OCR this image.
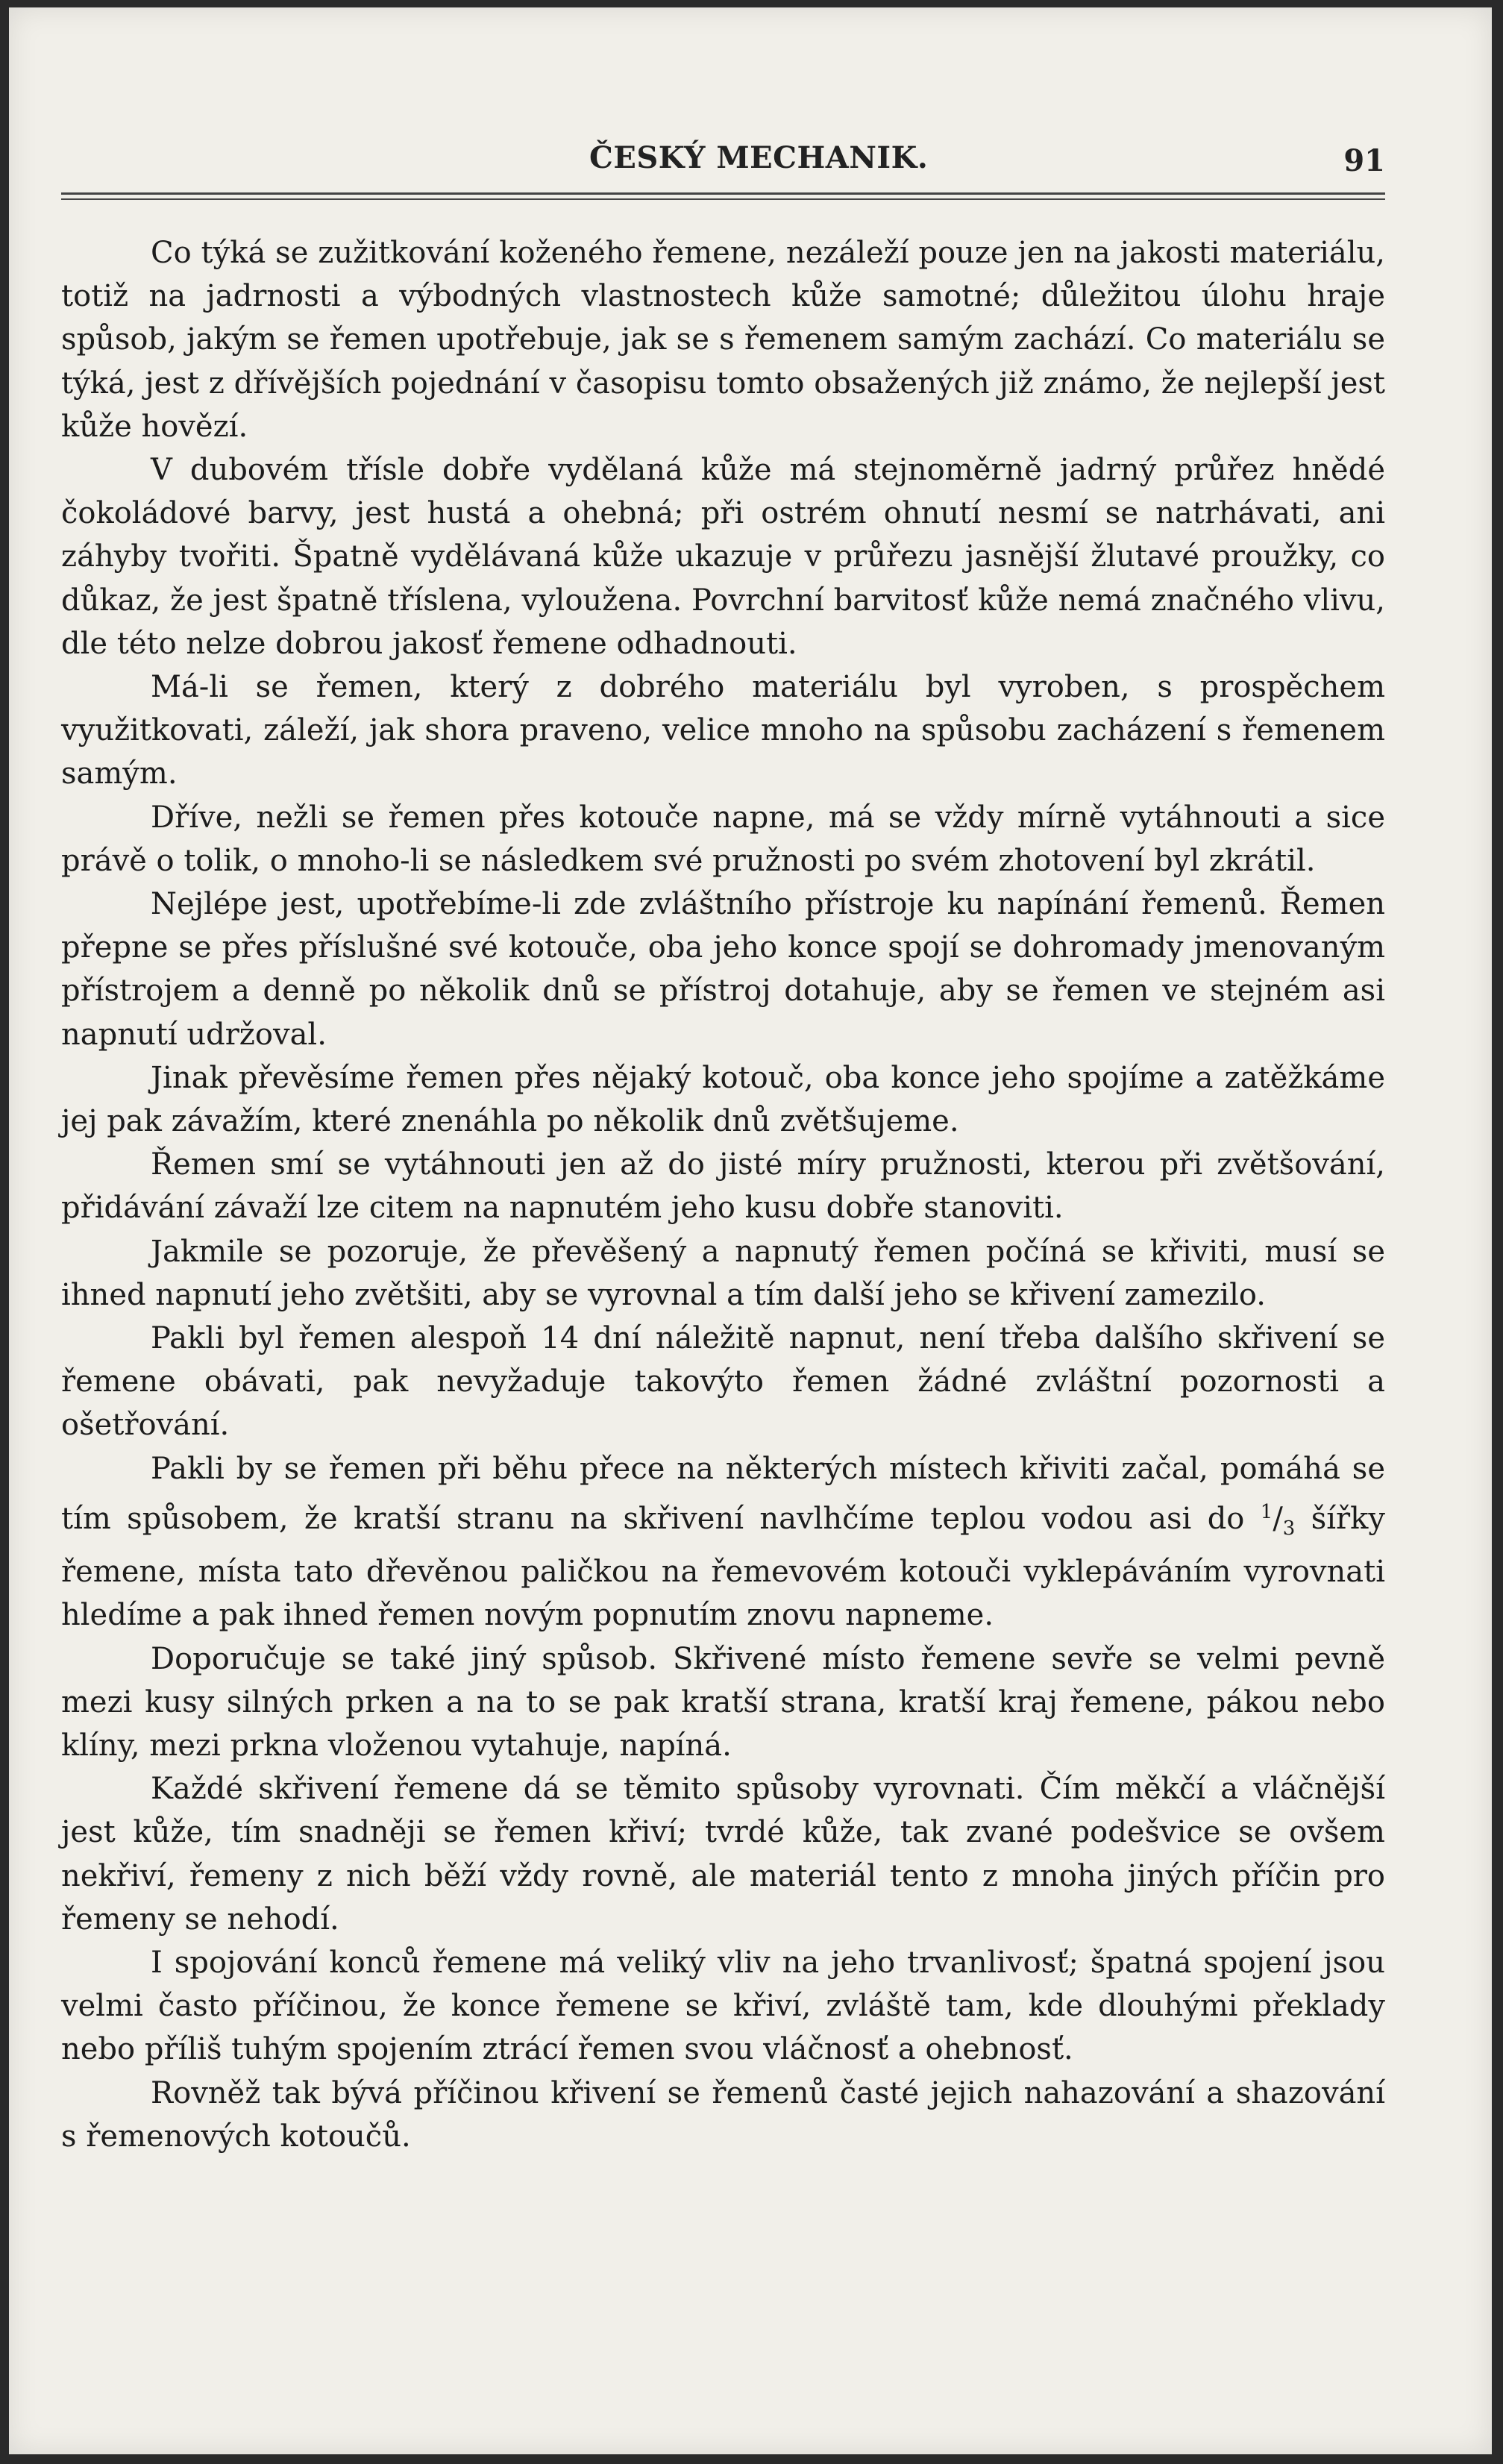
ČESKÝ MECHANIK.	91

Co týká se zužitkování koženého řemene, nezáleží pouze jen na jakosti materiálu, totiž na jadrnosti a výbodných vlastnostech kůže samotné; důležitou úlohu hraje spůsob, jakým se řemen upotřebuje, jak se s řemenem samým zachází. Co materiálu se týká, jest z dřívějších pojednání v časopisu tomto obsažených již známo, že nejlepší jest kůže hovězí.

V dubovém třísle dobře vydělaná kůže má stejnoměrně jadrný průřez hnědé čokoládové barvy, jest hustá a ohebná; při ostrém ohnutí nesmí se natrhávati, ani záhyby tvořiti. Špatně vydělávaná kůže ukazuje v průřezu jasnější žlutavé proužky, co důkaz, že jest špatně tříslena, vyloužena. Povrchní barvitosť kůže nemá značného vlivu, dle této nelze dobrou jakosť řemene odhadnouti.

Má-li se řemen, který z dobrého materiálu byl vyroben, s prospěchem využitkovati, záleží, jak shora praveno, velice mnoho na spůsobu zacházení s řemenem samým.

Dříve, nežli se řemen přes kotouče napne, má se vždy mírně vytáhnouti a sice právě o tolik, o mnoho-li se následkem své pružnosti po svém zhotovení byl zkrátil.

Nejlépe jest, upotřebíme-li zde zvláštního přístroje ku napínání řemenů. Řemen přepne se přes příslušné své kotouče, oba jeho konce spojí se dohromady jmenovaným přístrojem a denně po několik dnů se přístroj dotahuje, aby se řemen ve stejném asi napnutí udržoval.

Jinak převěsíme řemen přes nějaký kotouč, oba konce jeho spojíme a zatěžkáme jej pak závažím, které znenáhla po několik dnů zvětšujeme.

Řemen smí se vytáhnouti jen až do jisté míry pružnosti, kterou při zvětšování, přidávání závaží lze citem na napnutém jeho kusu dobře stanoviti.

Jakmile se pozoruje, že převěšený a napnutý řemen počíná se křiviti, musí se ihned napnutí jeho zvětšiti, aby se vyrovnal a tím další jeho se křivení zamezilo.

Pakli byl řemen alespoň 14 dní náležitě napnut, není třeba dalšího skřivení se řemene obávati, pak nevyžaduje takovýto řemen žádné zvláštní pozornosti a ošetřování.

Pakli by se řemen při běhu přece na některých místech křiviti začal, pomáhá se tím spůsobem, že kratší stranu na skřivení navlhčíme teplou vodou asi do $^1/_3$ šířky řemene, místa tato dřevěnou paličkou na řemevovém kotouči vyklepáváním vyrovnati hledíme a pak ihned řemen novým popnutím znovu napneme.

Doporučuje se také jiný spůsob. Skřivené místo řemene sevře se velmi pevně mezi kusy silných prken a na to se pak kratší strana, kratší kraj řemene, pákou nebo klíny, mezi prkna vloženou vytahuje, napíná.

Každé skřivení řemene dá se těmito spůsoby vyrovnati. Čím měkčí a vláčnější jest kůže, tím snadněji se řemen křiví; tvrdé kůže, tak zvané podešvice se ovšem nekřiví, řemeny z nich běží vždy rovně, ale materiál tento z mnoha jiných příčin pro řemeny se nehodí.

I spojování konců řemene má veliký vliv na jeho trvanlivosť; špatná spojení jsou velmi často příčinou, že konce řemene se křiví, zvláště tam, kde dlouhými překlady nebo příliš tuhým spojením ztrácí řemen svou vláčnosť a ohebnosť.

Rovněž tak bývá příčinou křivení se řemenů časté jejich nahazování a shazování s řemenových kotoučů.
